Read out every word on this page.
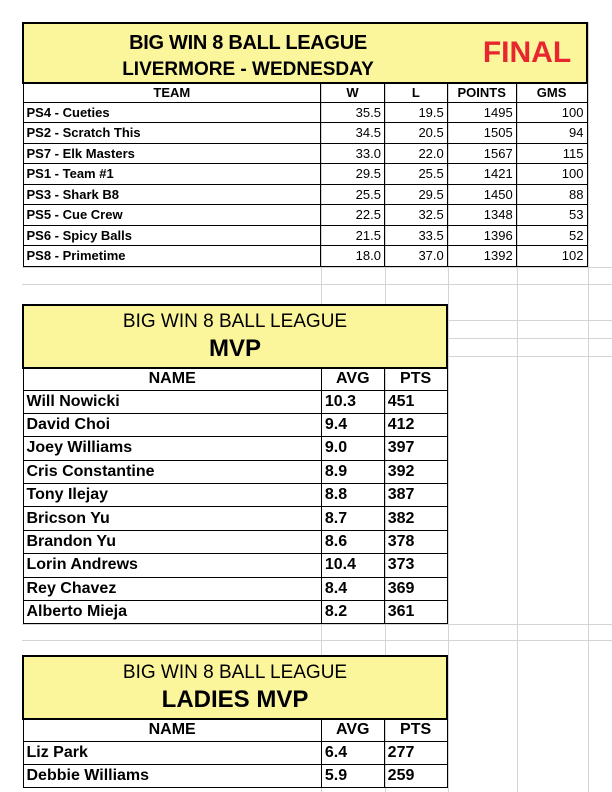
BIG WIN 8 BALL LEAGUE
LIVERMORE - WEDNESDAY
FINAL				

TEAM	W	L	POINTS	GMS
PS4 - Cueties	35.5	19.5	1495	100
PS2 - Scratch This	34.5	20.5	1505	94
PS7 - Elk Masters	33.0	22.0	1567	115
PS1 - Team #1	29.5	25.5	1421	100
PS3 - Shark B8	25.5	29.5	1450	88
PS5 - Cue Crew	22.5	32.5	1348	53
PS6 - Spicy Balls	21.5	33.5	1396	52
PS8 - Primetime	18.0	37.0	1392	102
BIG WIN 8 BALL LEAGUE
MVP		

NAME	AVG	PTS
Will Nowicki	10.3	451
David Choi	9.4	412
Joey Williams	9.0	397
Cris Constantine	8.9	392
Tony Ilejay	8.8	387
Bricson Yu	8.7	382
Brandon Yu	8.6	378
Lorin Andrews	10.4	373
Rey Chavez	8.4	369
Alberto Mieja	8.2	361
BIG WIN 8 BALL LEAGUE
LADIES MVP		

NAME	AVG	PTS
Liz Park	6.4	277
Debbie Williams	5.9	259
